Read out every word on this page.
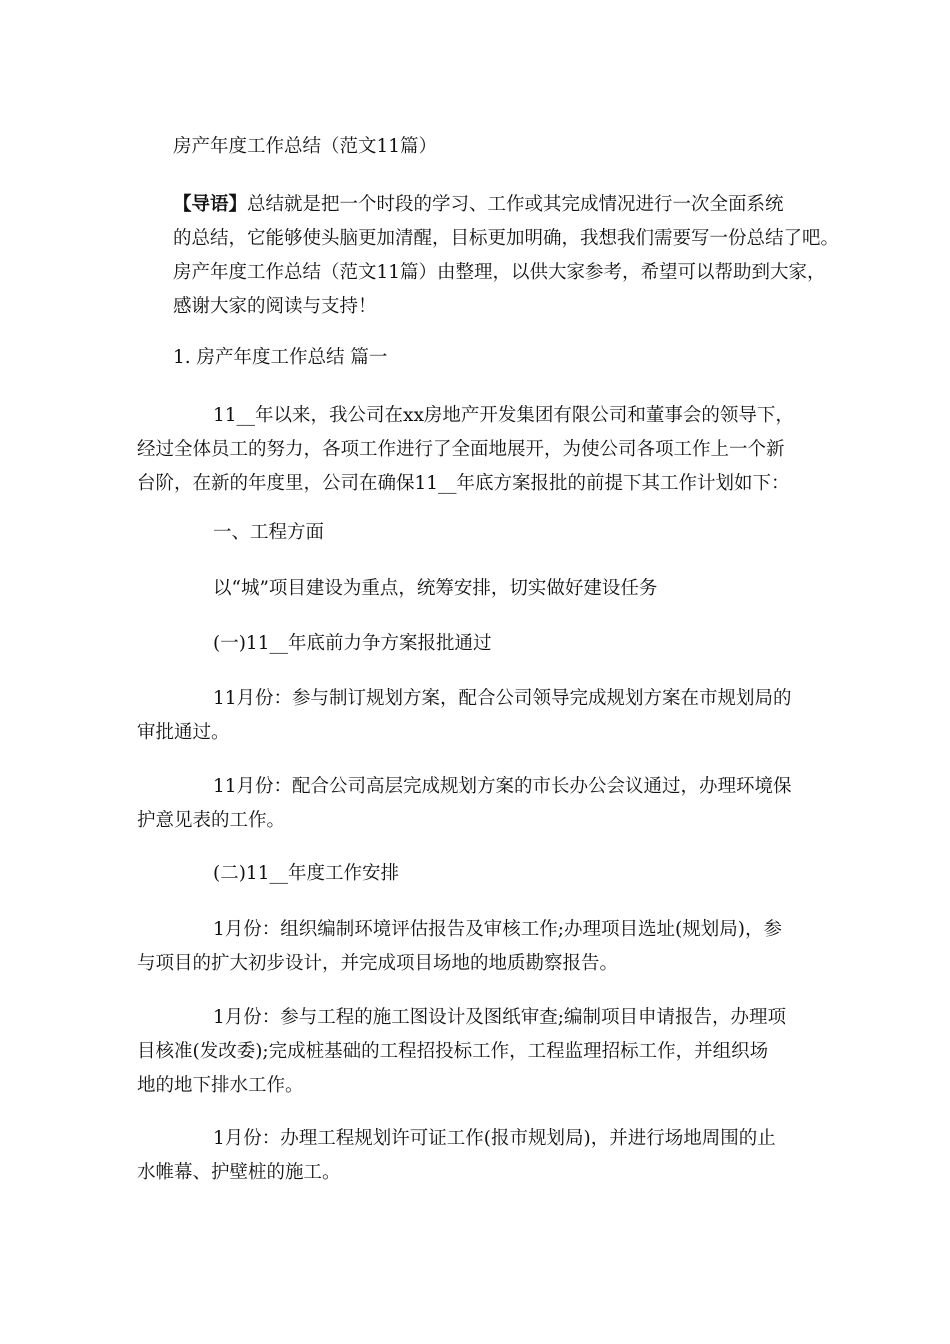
房产年度工作总结（范文11篇）

【导语】总结就是把一个时段的学习、工作或其完成情况进行一次全面系统
的总结，它能够使头脑更加清醒，目标更加明确，我想我们需要写一份总结了吧。
房产年度工作总结（范文11篇）由整理，以供大家参考，希望可以帮助到大家，
感谢大家的阅读与支持！

1. 房产年度工作总结 篇一

11__年以来，我公司在xx房地产开发集团有限公司和董事会的领导下，
经过全体员工的努力，各项工作进行了全面地展开，为使公司各项工作上一个新
台阶，在新的年度里，公司在确保11__年底方案报批的前提下其工作计划如下：

一、工程方面

以“城”项目建设为重点，统筹安排，切实做好建设任务

(一)11__年底前力争方案报批通过

11月份：参与制订规划方案，配合公司领导完成规划方案在市规划局的
审批通过。
11月份：配合公司高层完成规划方案的市长办公会议通过，办理环境保
护意见表的工作。

(二)11__年度工作安排

1月份：组织编制环境评估报告及审核工作;办理项目选址(规划局)，参
与项目的扩大初步设计，并完成项目场地的地质勘察报告。
1月份：参与工程的施工图设计及图纸审查;编制项目申请报告，办理项
目核准(发改委);完成桩基础的工程招投标工作，工程监理招标工作，并组织场
地的地下排水工作。
1月份：办理工程规划许可证工作(报市规划局)，并进行场地周围的止
水帷幕、护壁桩的施工。
